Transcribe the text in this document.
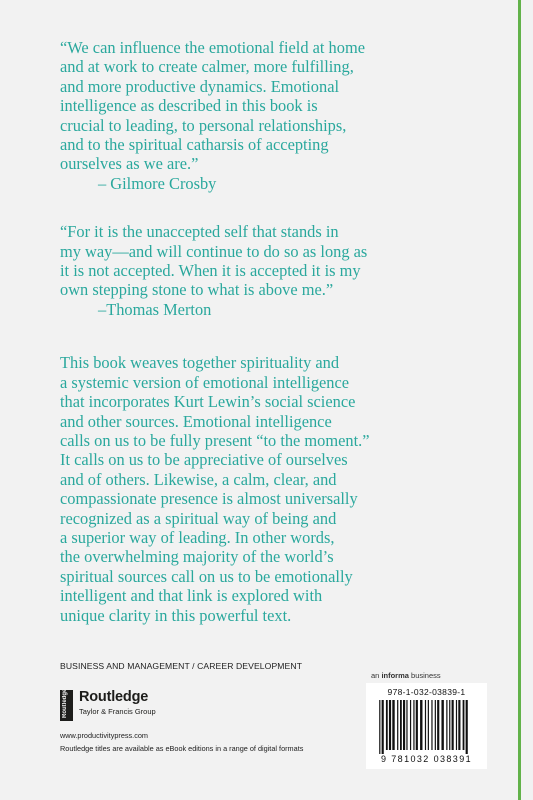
“We can influence the emotional field at home
and at work to create calmer, more fulfilling,
and more productive dynamics. Emotional
intelligence as described in this book is
crucial to leading, to personal relationships,
and to the spiritual catharsis of accepting
ourselves as we are.”

– Gilmore Crosby

“For it is the unaccepted self that stands in
my way—and will continue to do so as long as
it is not accepted. When it is accepted it is my
own stepping stone to what is above me.”

–Thomas Merton

This book weaves together spirituality and
a systemic version of emotional intelligence
that incorporates Kurt Lewin’s social science
and other sources. Emotional intelligence
calls on us to be fully present “to the moment.”
It calls on us to be appreciative of ourselves
and of others. Likewise, a calm, clear, and
compassionate presence is almost universally
recognized as a spiritual way of being and
a superior way of leading. In other words,
the overwhelming majority of the world’s
spiritual sources call on us to be emotionally
intelligent and that link is explored with
unique clarity in this powerful text.

BUSINESS AND MANAGEMENT / CAREER DEVELOPMENT

an informa business

Routledge Routledge

Taylor & Francis Group

www.productivitypress.com

Routledge titles are available as eBook editions in a range of digital formats

978-1-032-03839-1

9 781032 038391
